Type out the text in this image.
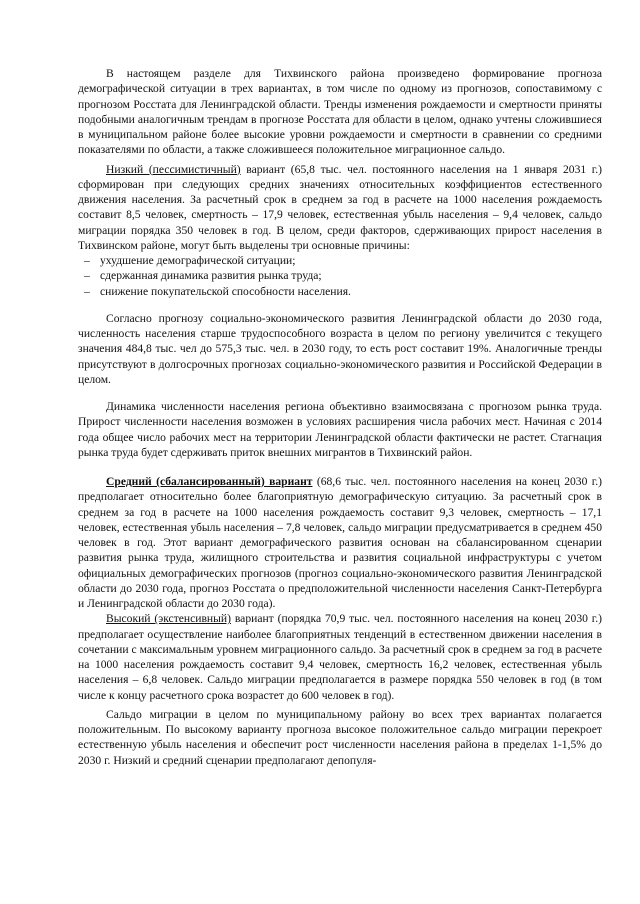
В настоящем разделе для Тихвинского района произведено формирование прогноза демографической ситуации в трех вариантах, в том числе по одному из прогнозов, сопоставимому с прогнозом Росстата для Ленинградской области. Тренды изменения рождаемости и смертности приняты подобными аналогичным трендам в прогнозе Росстата для области в целом, однако учтены сложившиеся в муниципальном районе более высокие уровни рождаемости и смертности в сравнении со средними показателями по области, а также сложившееся положительное миграционное сальдо.

Низкий (пессимистичный) вариант (65,8 тыс. чел. постоянного населения на 1 января 2031 г.) сформирован при следующих средних значениях относительных коэффициентов естественного движения населения. За расчетный срок в среднем за год в расчете на 1000 населения рождаемость составит 8,5 человек, смертность – 17,9 человек, естественная убыль населения – 9,4 человек, сальдо миграции порядка 350 человек в год. В целом, среди факторов, сдерживающих прирост населения в Тихвинском районе, могут быть выделены три основные причины:

– ухудшение демографической ситуации;
– сдержанная динамика развития рынка труда;
– снижение покупательской способности населения.

Согласно прогнозу социально-экономического развития Ленинградской области до 2030 года, численность населения старше трудоспособного возраста в целом по региону увеличится с текущего значения 484,8 тыс. чел до 575,3 тыс. чел. в 2030 году, то есть рост составит 19%. Аналогичные тренды присутствуют в долгосрочных прогнозах социально-экономического развития и Российской Федерации в целом.

Динамика численности населения региона объективно взаимосвязана с прогнозом рынка труда. Прирост численности населения возможен в условиях расширения числа рабочих мест. Начиная с 2014 года общее число рабочих мест на территории Ленинградской области фактически не растет. Стагнация рынка труда будет сдерживать приток внешних мигрантов в Тихвинский район.

Средний (сбалансированный) вариант (68,6 тыс. чел. постоянного населения на конец 2030 г.) предполагает относительно более благоприятную демографическую ситуацию. За расчетный срок в среднем за год в расчете на 1000 населения рождаемость составит 9,3 человек, смертность – 17,1 человек, естественная убыль населения – 7,8 человек, сальдо миграции предусматривается в среднем 450 человек в год. Этот вариант демографического развития основан на сбалансированном сценарии развития рынка труда, жилищного строительства и развития социальной инфраструктуры с учетом официальных демографических прогнозов (прогноз социально-экономического развития Ленинградской области до 2030 года, прогноз Росстата о предположительной численности населения Санкт-Петербурга и Ленинградской области до 2030 года).

Высокий (экстенсивный) вариант (порядка 70,9 тыс. чел. постоянного населения на конец 2030 г.) предполагает осуществление наиболее благоприятных тенденций в естественном движении населения в сочетании с максимальным уровнем миграционного сальдо. За расчетный срок в среднем за год в расчете на 1000 населения рождаемость составит 9,4 человек, смертность 16,2 человек, естественная убыль населения – 6,8 человек. Сальдо миграции предполагается в размере порядка 550 человек в год (в том числе к концу расчетного срока возрастет до 600 человек в год).

Сальдо миграции в целом по муниципальному району во всех трех вариантах полагается положительным. По высокому варианту прогноза высокое положительное сальдо миграции перекроет естественную убыль населения и обеспечит рост численности населения района в пределах 1-1,5% до 2030 г. Низкий и средний сценарии предполагают депопуля-
